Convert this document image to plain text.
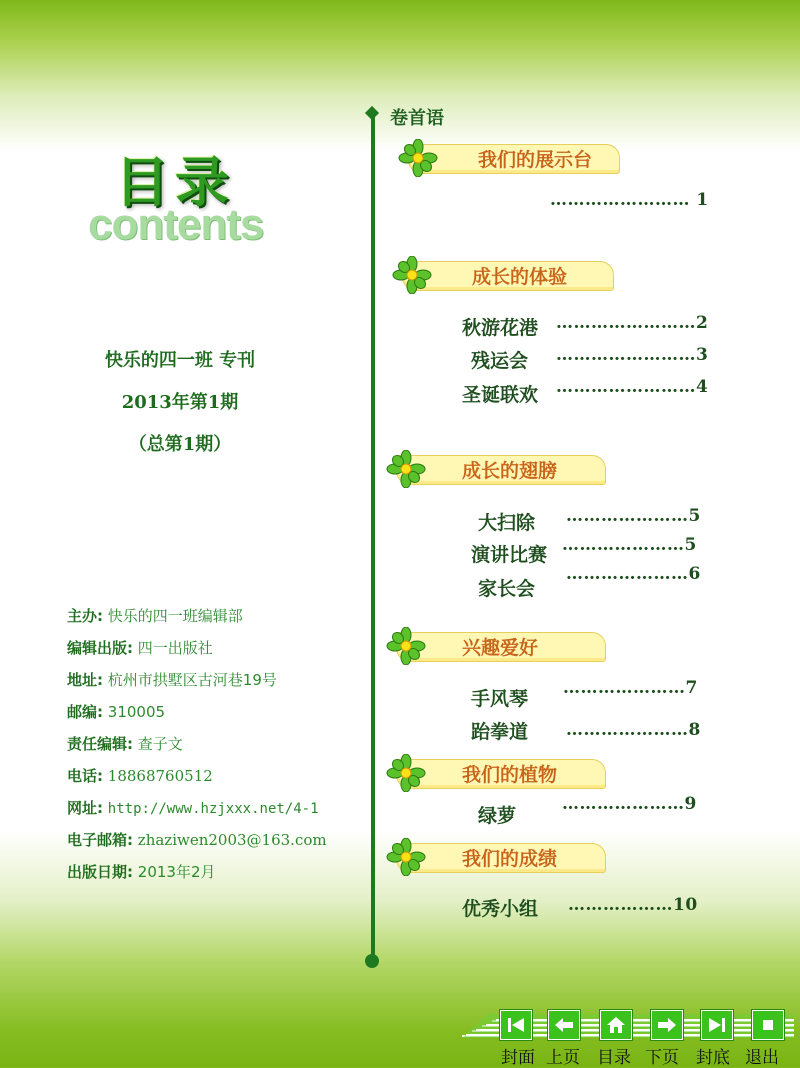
目录
contents
快乐的四一班 专刊
2013年第1期
（总第1期）
主办: 快乐的四一班编辑部
编辑出版: 四一出版社
地址: 杭州市拱墅区古河巷19号
邮编: 310005
责任编辑: 查子文
电话: 18868760512
网址: http://www.hzjxxx.net/4-1
电子邮箱: zhaziwen2003@163.com
出版日期: 2013年2月
卷首语
我们的展示台
…………………… 1
成长的体验
秋游花港 ……………………2
残运会 ……………………3
圣诞联欢 ……………………4
成长的翅膀
大扫除 …………………5
演讲比赛 …………………5
家长会
…………………6
兴趣爱好
手风琴 …………………7
跆拳道 …………………8
我们的植物
绿萝
…………………9
我们的成绩
优秀小组 ………………10
封面 上页 目录 下页 封底 退出
